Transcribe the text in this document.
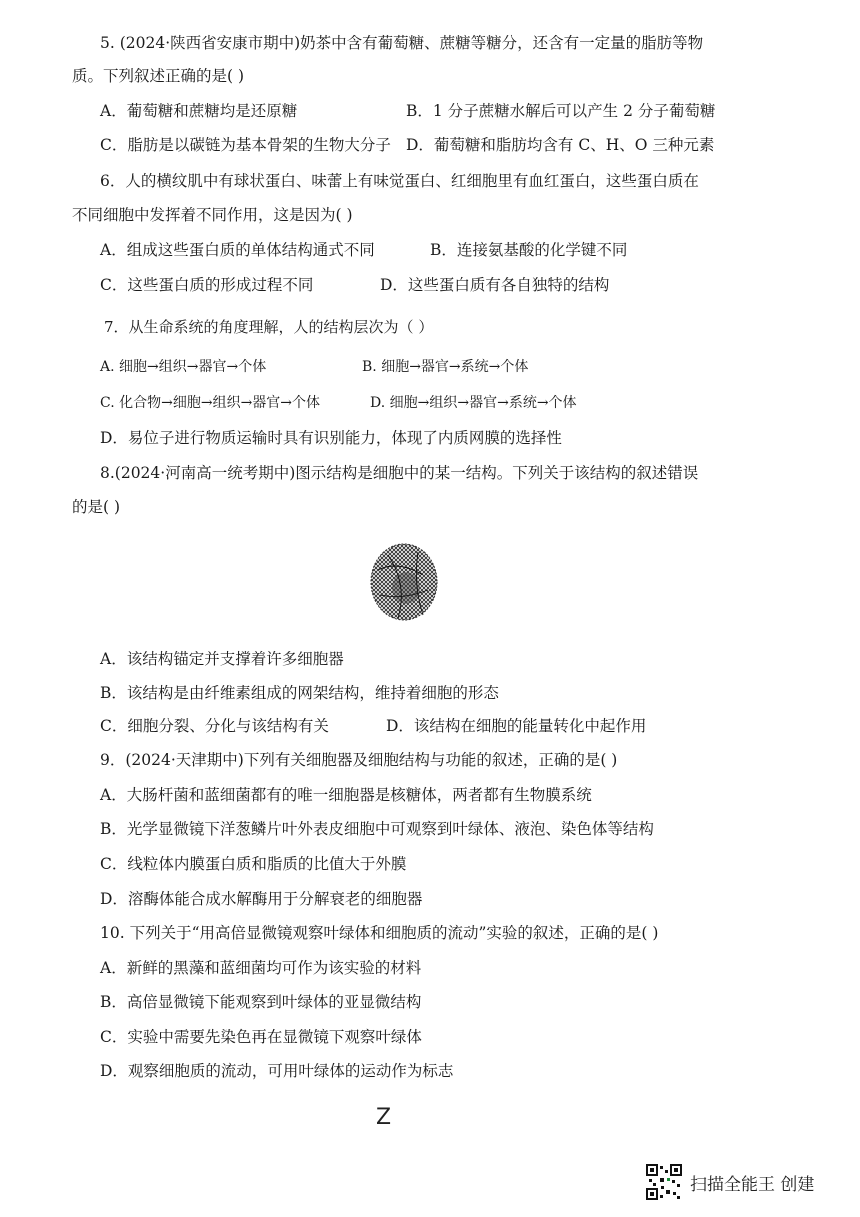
5. (2024·陕西省安康市期中)奶茶中含有葡萄糖、蔗糖等糖分，还含有一定量的脂肪等物
质。下列叙述正确的是( )
A．葡萄糖和蔗糖均是还原糖	B．1 分子蔗糖水解后可以产生 2 分子葡萄糖
C．脂肪是以碳链为基本骨架的生物大分子 D．葡萄糖和脂肪均含有 C、H、O 三种元素
6．人的横纹肌中有球状蛋白、味蕾上有味觉蛋白、红细胞里有血红蛋白，这些蛋白质在
不同细胞中发挥着不同作用，这是因为( )
A．组成这些蛋白质的单体结构通式不同	B．连接氨基酸的化学键不同
C．这些蛋白质的形成过程不同	D．这些蛋白质有各自独特的结构
7．从生命系统的角度理解，人的结构层次为（ ）
A. 细胞→组织→器官→个体	B. 细胞→器官→系统→个体
C. 化合物→细胞→组织→器官→个体	D. 细胞→组织→器官→系统→个体
D．易位子进行物质运输时具有识别能力，体现了内质网膜的选择性
8.(2024·河南高一统考期中)图示结构是细胞中的某一结构。下列关于该结构的叙述错误
的是( )
A．该结构锚定并支撑着许多细胞器
B．该结构是由纤维素组成的网架结构，维持着细胞的形态
C．细胞分裂、分化与该结构有关	D．该结构在细胞的能量转化中起作用
9．(2024·天津期中)下列有关细胞器及细胞结构与功能的叙述，正确的是( )
A．大肠杆菌和蓝细菌都有的唯一细胞器是核糖体，两者都有生物膜系统
B．光学显微镜下洋葱鳞片叶外表皮细胞中可观察到叶绿体、液泡、染色体等结构
C．线粒体内膜蛋白质和脂质的比值大于外膜
D．溶酶体能合成水解酶用于分解衰老的细胞器
10. 下列关于“用高倍显微镜观察叶绿体和细胞质的流动”实验的叙述，正确的是( )
A．新鲜的黑藻和蓝细菌均可作为该实验的材料
B．高倍显微镜下能观察到叶绿体的亚显微结构
C．实验中需要先染色再在显微镜下观察叶绿体
D．观察细胞质的流动，可用叶绿体的运动作为标志
Z
扫描全能王 创建
